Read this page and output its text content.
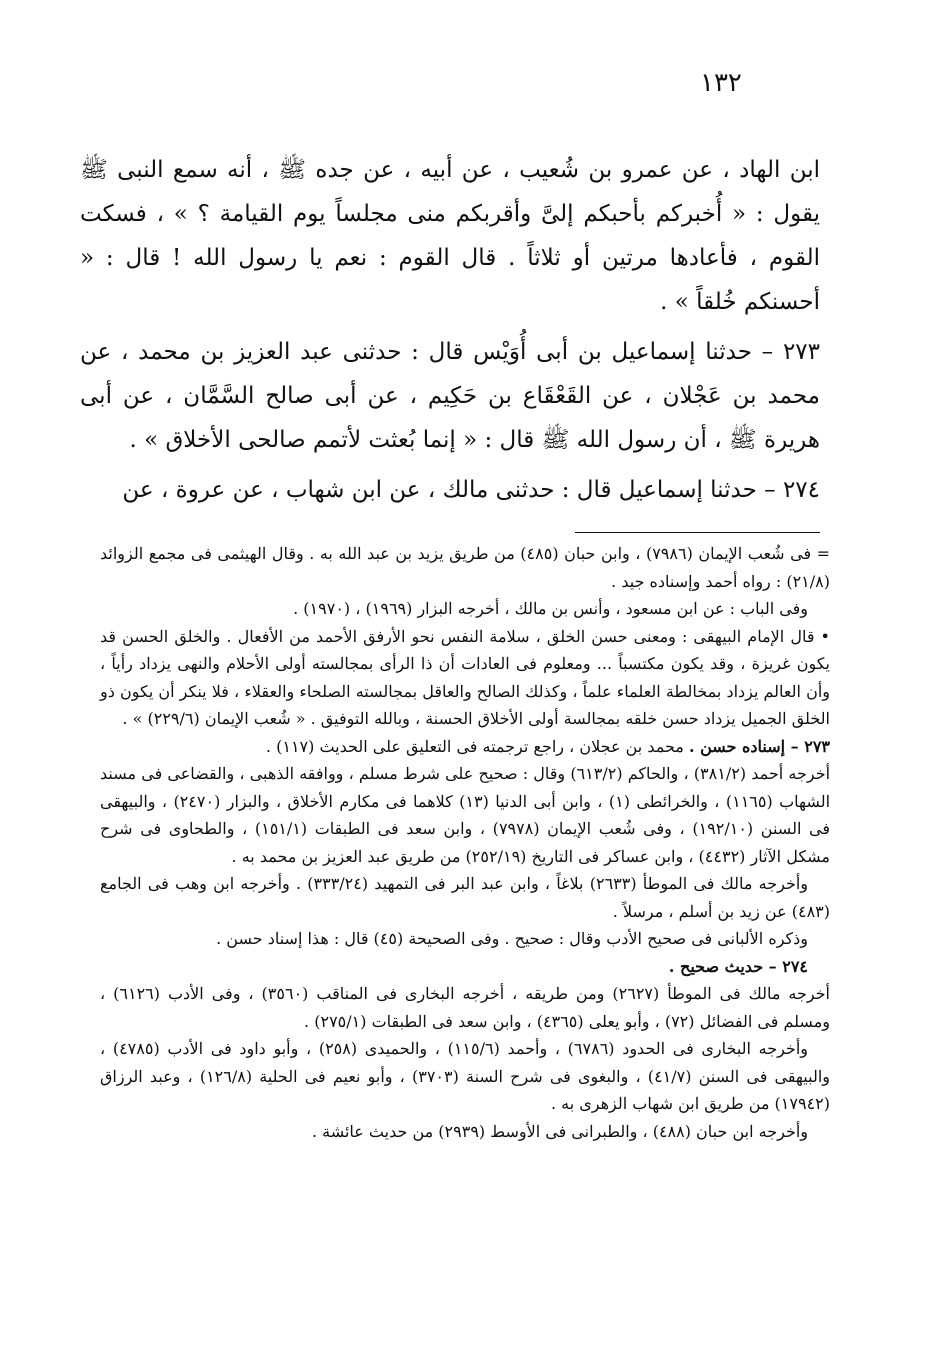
١٣٢

ابن الهاد ، عن عمرو بن شُعيب ، عن أبيه ، عن جده ﷺ ، أنه سمع النبى ﷺ يقول : « أُخبركم بأحبكم إلىَّ وأقربكم منى مجلساً يوم القيامة ؟ » ، فسكت القوم ، فأعادها مرتين أو ثلاثاً . قال القوم : نعم يا رسول الله ! قال : « أحسنكم خُلقاً » .

٢٧٣ – حدثنا إسماعيل بن أبى أُوَيْس قال : حدثنى عبد العزيز بن محمد ، عن محمد بن عَجْلان ، عن القَعْقَاع بن حَكِيم ، عن أبى صالح السَّمَّان ، عن أبى هريرة ﷺ ، أن رسول الله ﷺ قال : « إنما بُعثت لأتمم صالحى الأخلاق » .

٢٧٤ – حدثنا إسماعيل قال : حدثنى مالك ، عن ابن شهاب ، عن عروة ، عن

= فى شُعب الإيمان (٧٩٨٦) ، وابن حبان (٤٨٥) من طريق يزيد بن عبد الله به . وقال الهيثمى فى مجمع الزوائد (٢١/٨) : رواه أحمد وإسناده جيد .

وفى الباب : عن ابن مسعود ، وأنس بن مالك ، أخرجه البزار (١٩٦٩) ، (١٩٧٠) .

• قال الإمام البيهقى : ومعنى حسن الخلق ، سلامة النفس نحو الأرفق الأحمد من الأفعال . والخلق الحسن قد يكون غريزة ، وقد يكون مكتسباً ... ومعلوم فى العادات أن ذا الرأى بمجالسته أولى الأحلام والنهى يزداد رأياً ، وأن العالم يزداد بمخالطة العلماء علماً ، وكذلك الصالح والعاقل بمجالسته الصلحاء والعقلاء ، فلا ينكر أن يكون ذو الخلق الجميل يزداد حسن خلقه بمجالسة أولى الأخلاق الحسنة ، وبالله التوفيق . « شُعب الإيمان (٢٢٩/٦) » .

٢٧٣ – إسناده حسن . محمد بن عجلان ، راجع ترجمته فى التعليق على الحديث (١١٧) .

أخرجه أحمد (٣٨١/٢) ، والحاكم (٦١٣/٢) وقال : صحيح على شرط مسلم ، ووافقه الذهبى ، والقضاعى فى مسند الشهاب (١١٦٥) ، والخرائطى (١) ، وابن أبى الدنيا (١٣) كلاهما فى مكارم الأخلاق ، والبزار (٢٤٧٠) ، والبيهقى فى السنن (١٩٢/١٠) ، وفى شُعب الإيمان (٧٩٧٨) ، وابن سعد فى الطبقات (١٥١/١) ، والطحاوى فى شرح مشكل الآثار (٤٤٣٢) ، وابن عساكر فى التاريخ (٢٥٢/١٩) من طريق عبد العزيز بن محمد به .

وأخرجه مالك فى الموطأ (٢٦٣٣) بلاغاً ، وابن عبد البر فى التمهيد (٣٣٣/٢٤) . وأخرجه ابن وهب فى الجامع (٤٨٣) عن زيد بن أسلم ، مرسلاً .

وذكره الألبانى فى صحيح الأدب وقال : صحيح . وفى الصحيحة (٤٥) قال : هذا إسناد حسن .

٢٧٤ – حديث صحيح .

أخرجه مالك فى الموطأ (٢٦٢٧) ومن طريقه ، أخرجه البخارى فى المناقب (٣٥٦٠) ، وفى الأدب (٦١٢٦) ، ومسلم فى الفضائل (٧٢) ، وأبو يعلى (٤٣٦٥) ، وابن سعد فى الطبقات (٢٧٥/١) .

وأخرجه البخارى فى الحدود (٦٧٨٦) ، وأحمد (١١٥/٦) ، والحميدى (٢٥٨) ، وأبو داود فى الأدب (٤٧٨٥) ، والبيهقى فى السنن (٤١/٧) ، والبغوى فى شرح السنة (٣٧٠٣) ، وأبو نعيم فى الحلية (١٢٦/٨) ، وعبد الرزاق (١٧٩٤٢) من طريق ابن شهاب الزهرى به .

وأخرجه ابن حبان (٤٨٨) ، والطبرانى فى الأوسط (٢٩٣٩) من حديث عائشة .
